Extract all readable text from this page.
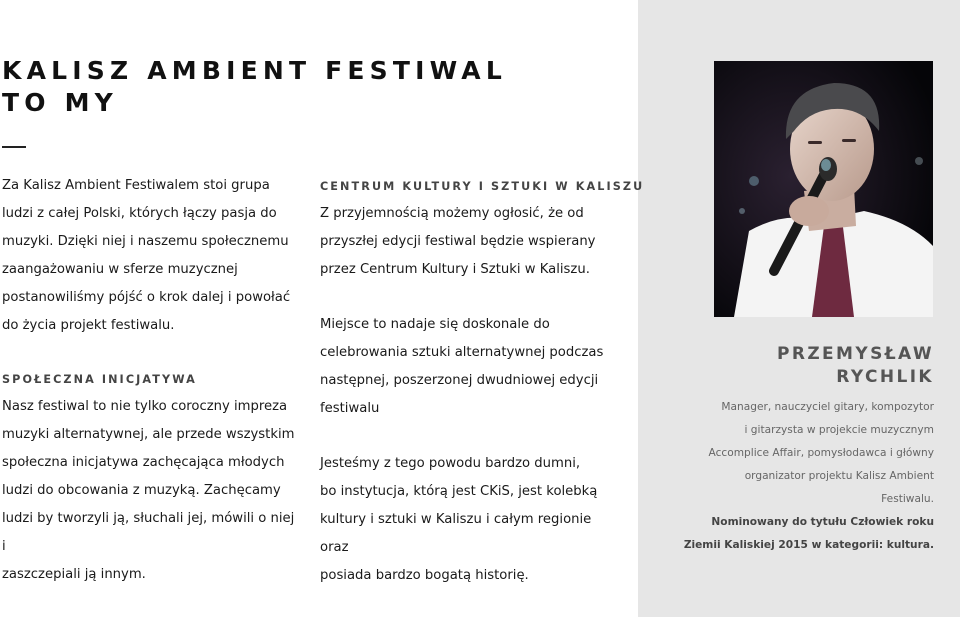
KALISZ AMBIENT FESTIWAL
TO MY

Za Kalisz Ambient Festiwalem stoi grupa

ludzi z całej Polski, których łączy pasja do

muzyki. Dzięki niej i naszemu społecznemu

zaangażowaniu w sferze muzycznej

postanowiliśmy pójść o krok dalej i powołać

do życia projekt festiwalu.

SPOŁECZNA INICJATYWA

Nasz festiwal to nie tylko coroczny impreza

muzyki alternatywnej, ale przede wszystkim

społeczna inicjatywa zachęcająca młodych

ludzi do obcowania z muzyką. Zachęcamy

ludzi by tworzyli ją, słuchali jej, mówili o niej i

zaszczepiali ją innym.

CENTRUM KULTURY I SZTUKI W KALISZU

Z przyjemnością możemy ogłosić, że od

przyszłej edycji festiwal będzie wspierany

przez Centrum Kultury i Sztuki w Kaliszu.

Miejsce to nadaje się doskonale do

celebrowania sztuki alternatywnej podczas

następnej, poszerzonej dwudniowej edycji

festiwalu

Jesteśmy z tego powodu bardzo dumni,

bo instytucja, którą jest CKiS, jest kolebką

kultury i sztuki w Kaliszu i całym regionie oraz

posiada bardzo bogatą historię.

PRZEMYSŁAW
RYCHLIK

Manager, nauczyciel gitary, kompozytor

i gitarzysta w projekcie muzycznym

Accomplice Affair, pomysłodawca i główny

organizator projektu Kalisz Ambient

Festiwalu.

Nominowany do tytułu Człowiek roku

Ziemii Kaliskiej 2015 w kategorii: kultura.
